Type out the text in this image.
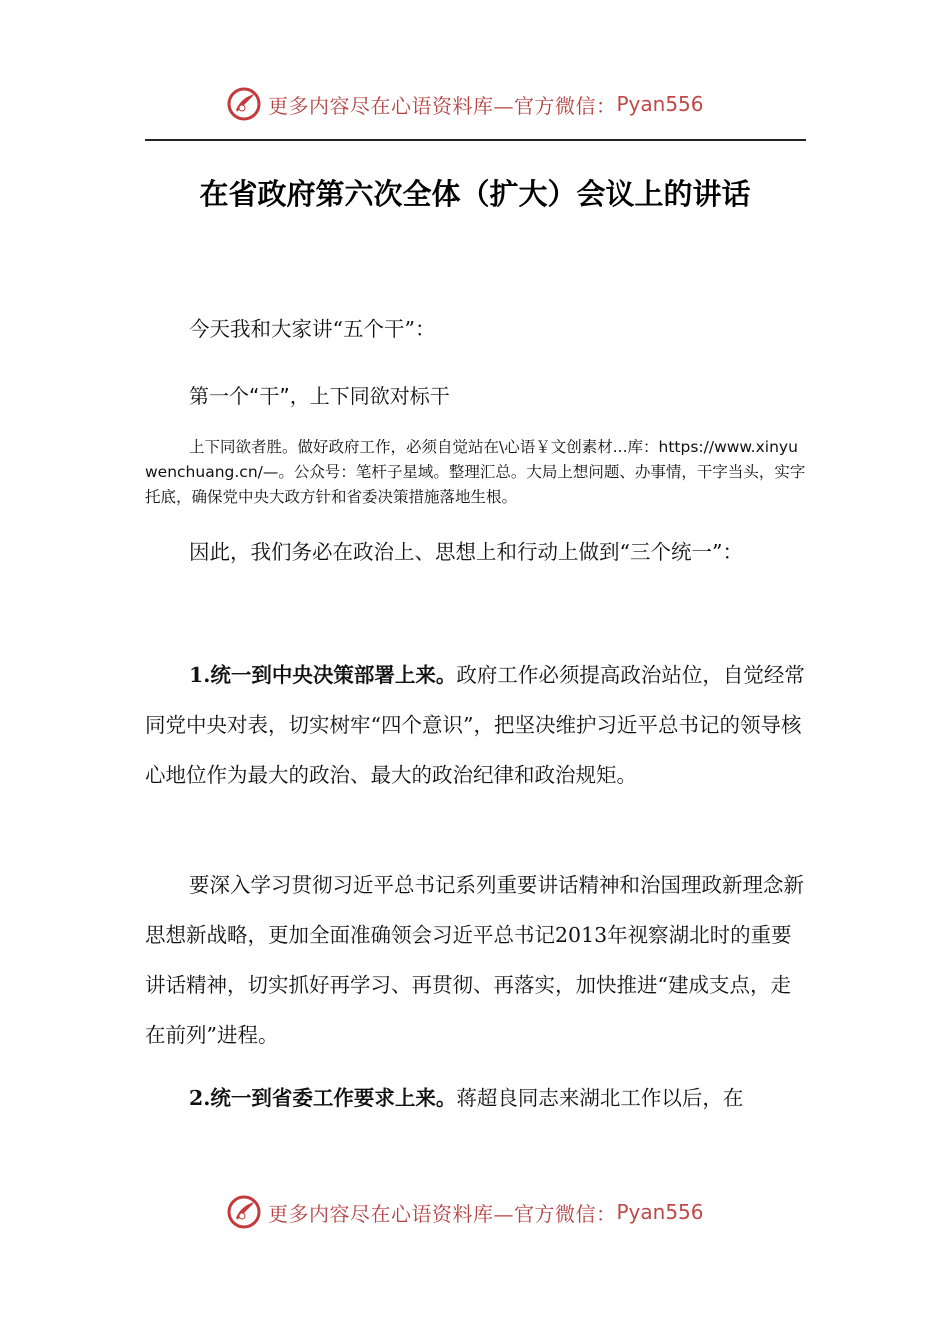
更多内容尽在心语资料库—官方微信： Pyan556
在省政府第六次全体（扩大）会议上的讲话

今天我和大家讲“五个干”：

第一个“干”，上下同欲对标干

上下同欲者胜。做好政府工作，必须自觉站在\心语￥文创素材...库：https://www.xinyuwenchuang.cn/—。公众号：笔杆子星域。整理汇总。大局上想问题、办事情，干字当头，实字托底，确保党中央大政方针和省委决策措施落地生根。

因此，我们务必在政治上、思想上和行动上做到“三个统一”：

1.统一到中央决策部署上来。政府工作必须提高政治站位，自觉经常同党中央对表，切实树牢“四个意识”，把坚决维护习近平总书记的领导核心地位作为最大的政治、最大的政治纪律和政治规矩。

要深入学习贯彻习近平总书记系列重要讲话精神和治国理政新理念新思想新战略，更加全面准确领会习近平总书记2013年视察湖北时的重要讲话精神，切实抓好再学习、再贯彻、再落实，加快推进“建成支点，走在前列”进程。

2.统一到省委工作要求上来。蒋超良同志来湖北工作以后，在

更多内容尽在心语资料库—官方微信： Pyan556
